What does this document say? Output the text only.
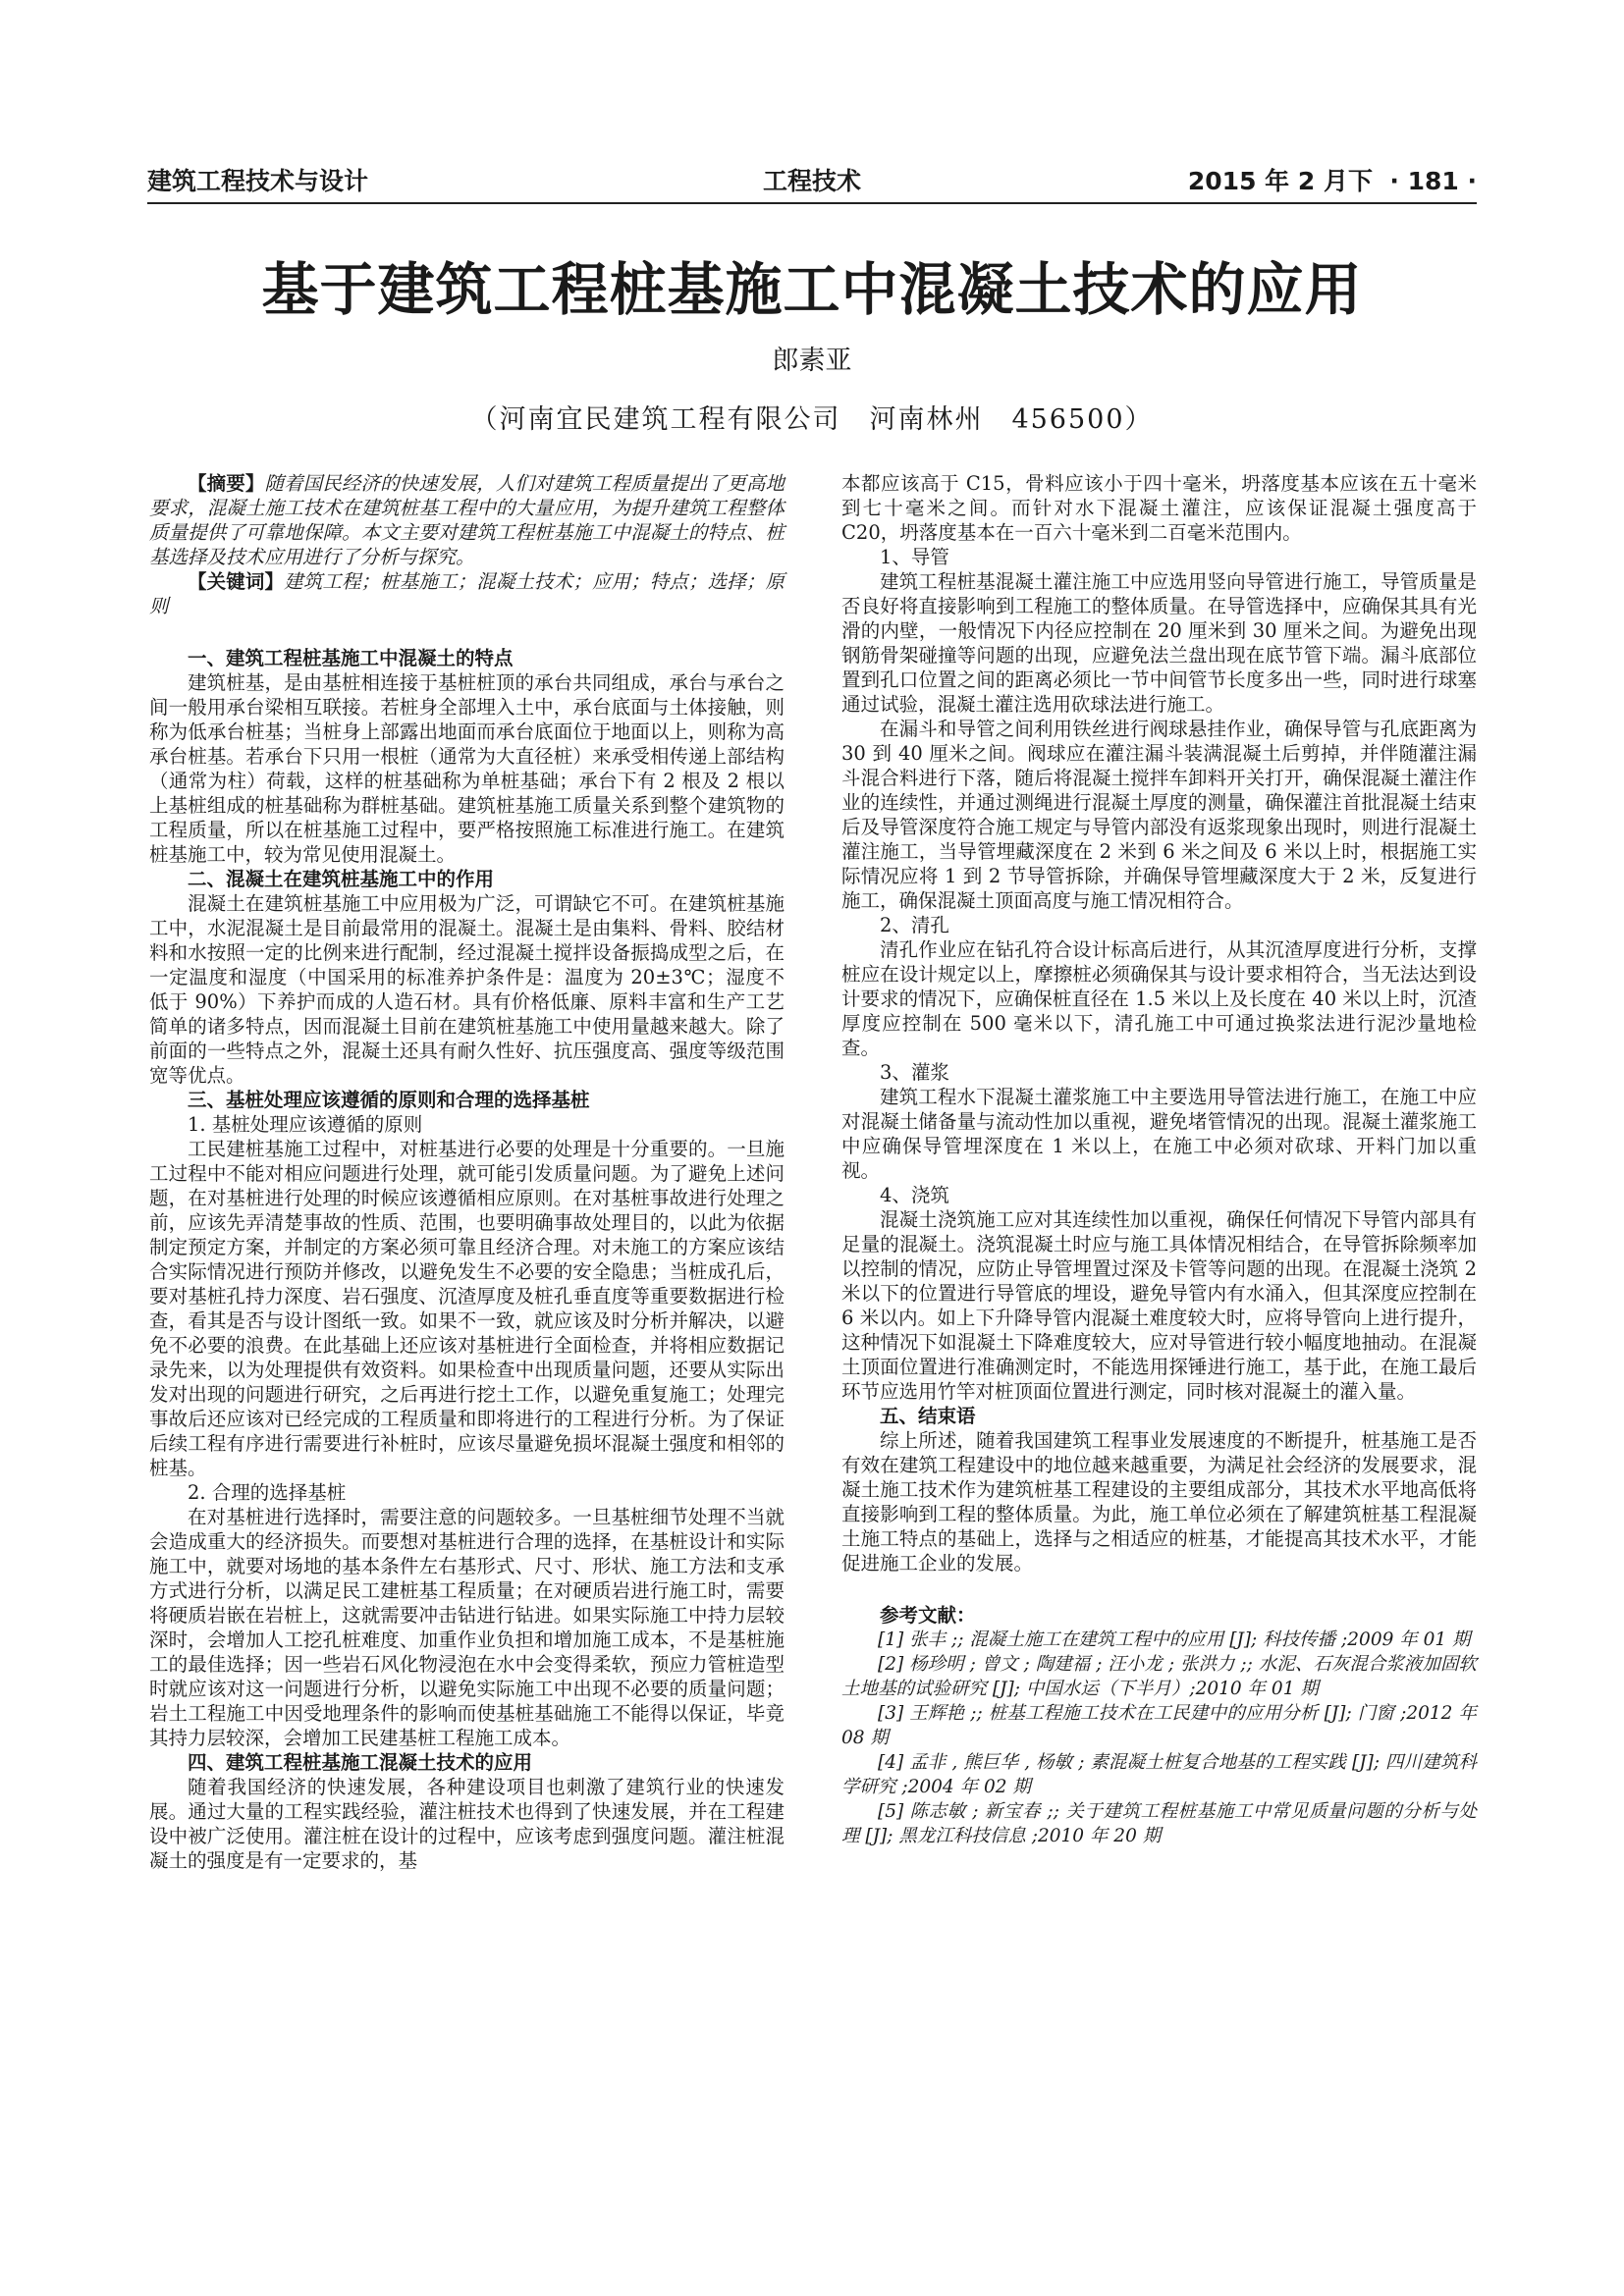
建筑工程技术与设计	工程技术	2015 年 2 月下 · 181 ·
基于建筑工程桩基施工中混凝土技术的应用
郎素亚
（河南宜民建筑工程有限公司　河南林州　456500）

【摘要】随着国民经济的快速发展，人们对建筑工程质量提出了更高地要求，混凝土施工技术在建筑桩基工程中的大量应用，为提升建筑工程整体质量提供了可靠地保障。本文主要对建筑工程桩基施工中混凝土的特点、桩基选择及技术应用进行了分析与探究。

【关键词】建筑工程；桩基施工；混凝土技术；应用；特点；选择；原则

一、建筑工程桩基施工中混凝土的特点

建筑桩基，是由基桩相连接于基桩桩顶的承台共同组成，承台与承台之间一般用承台梁相互联接。若桩身全部埋入土中，承台底面与土体接触，则称为低承台桩基；当桩身上部露出地面而承台底面位于地面以上，则称为高承台桩基。若承台下只用一根桩（通常为大直径桩）来承受相传递上部结构（通常为柱）荷载，这样的桩基础称为单桩基础；承台下有 2 根及 2 根以上基桩组成的桩基础称为群桩基础。建筑桩基施工质量关系到整个建筑物的工程质量，所以在桩基施工过程中，要严格按照施工标准进行施工。在建筑桩基施工中，较为常见使用混凝土。

二、混凝土在建筑桩基施工中的作用

混凝土在建筑桩基施工中应用极为广泛，可谓缺它不可。在建筑桩基施工中，水泥混凝土是目前最常用的混凝土。混凝土是由集料、骨料、胶结材料和水按照一定的比例来进行配制，经过混凝土搅拌设备振捣成型之后，在一定温度和湿度（中国采用的标准养护条件是：温度为 20±3℃；湿度不低于 90%）下养护而成的人造石材。具有价格低廉、原料丰富和生产工艺简单的诸多特点，因而混凝土目前在建筑桩基施工中使用量越来越大。除了前面的一些特点之外，混凝土还具有耐久性好、抗压强度高、强度等级范围宽等优点。

三、基桩处理应该遵循的原则和合理的选择基桩
1. 基桩处理应该遵循的原则

工民建桩基施工过程中，对桩基进行必要的处理是十分重要的。一旦施工过程中不能对相应问题进行处理，就可能引发质量问题。为了避免上述问题，在对基桩进行处理的时候应该遵循相应原则。在对基桩事故进行处理之前，应该先弄清楚事故的性质、范围，也要明确事故处理目的，以此为依据制定预定方案，并制定的方案必须可靠且经济合理。对未施工的方案应该结合实际情况进行预防并修改，以避免发生不必要的安全隐患；当桩成孔后，要对基桩孔持力深度、岩石强度、沉渣厚度及桩孔垂直度等重要数据进行检查，看其是否与设计图纸一致。如果不一致，就应该及时分析并解决，以避免不必要的浪费。在此基础上还应该对基桩进行全面检查，并将相应数据记录先来，以为处理提供有效资料。如果检查中出现质量问题，还要从实际出发对出现的问题进行研究，之后再进行挖土工作，以避免重复施工；处理完事故后还应该对已经完成的工程质量和即将进行的工程进行分析。为了保证后续工程有序进行需要进行补桩时，应该尽量避免损坏混凝土强度和相邻的桩基。

2. 合理的选择基桩

在对基桩进行选择时，需要注意的问题较多。一旦基桩细节处理不当就会造成重大的经济损失。而要想对基桩进行合理的选择，在基桩设计和实际施工中，就要对场地的基本条件左右基形式、尺寸、形状、施工方法和支承方式进行分析，以满足民工建桩基工程质量；在对硬质岩进行施工时，需要将硬质岩嵌在岩桩上，这就需要冲击钻进行钻进。如果实际施工中持力层较深时，会增加人工挖孔桩难度、加重作业负担和增加施工成本，不是基桩施工的最佳选择；因一些岩石风化物浸泡在水中会变得柔软，预应力管桩造型时就应该对这一问题进行分析，以避免实际施工中出现不必要的质量问题；岩土工程施工中因受地理条件的影响而使基桩基础施工不能得以保证，毕竟其持力层较深，会增加工民建基桩工程施工成本。

四、建筑工程桩基施工混凝土技术的应用

随着我国经济的快速发展，各种建设项目也刺激了建筑行业的快速发展。通过大量的工程实践经验，灌注桩技术也得到了快速发展，并在工程建设中被广泛使用。灌注桩在设计的过程中，应该考虑到强度问题。灌注桩混凝土的强度是有一定要求的，基

本都应该高于 C15，骨料应该小于四十毫米，坍落度基本应该在五十毫米到七十毫米之间。而针对水下混凝土灌注，应该保证混凝土强度高于 C20，坍落度基本在一百六十毫米到二百毫米范围内。

1、导管

建筑工程桩基混凝土灌注施工中应选用竖向导管进行施工，导管质量是否良好将直接影响到工程施工的整体质量。在导管选择中，应确保其具有光滑的内壁，一般情况下内径应控制在 20 厘米到 30 厘米之间。为避免出现钢筋骨架碰撞等问题的出现，应避免法兰盘出现在底节管下端。漏斗底部位置到孔口位置之间的距离必须比一节中间管节长度多出一些，同时进行球塞通过试验，混凝土灌注选用砍球法进行施工。

在漏斗和导管之间利用铁丝进行阀球悬挂作业，确保导管与孔底距离为 30 到 40 厘米之间。阀球应在灌注漏斗装满混凝土后剪掉，并伴随灌注漏斗混合料进行下落，随后将混凝土搅拌车卸料开关打开，确保混凝土灌注作业的连续性，并通过测绳进行混凝土厚度的测量，确保灌注首批混凝土结束后及导管深度符合施工规定与导管内部没有返浆现象出现时，则进行混凝土灌注施工，当导管埋藏深度在 2 米到 6 米之间及 6 米以上时，根据施工实际情况应将 1 到 2 节导管拆除，并确保导管埋藏深度大于 2 米，反复进行施工，确保混凝土顶面高度与施工情况相符合。

2、清孔

清孔作业应在钻孔符合设计标高后进行，从其沉渣厚度进行分析，支撑桩应在设计规定以上，摩擦桩必须确保其与设计要求相符合，当无法达到设计要求的情况下，应确保桩直径在 1.5 米以上及长度在 40 米以上时，沉渣厚度应控制在 500 毫米以下，清孔施工中可通过换浆法进行泥沙量地检查。

3、灌浆

建筑工程水下混凝土灌浆施工中主要选用导管法进行施工，在施工中应对混凝土储备量与流动性加以重视，避免堵管情况的出现。混凝土灌浆施工中应确保导管埋深度在 1 米以上，在施工中必须对砍球、开料门加以重视。

4、浇筑

混凝土浇筑施工应对其连续性加以重视，确保任何情况下导管内部具有足量的混凝土。浇筑混凝土时应与施工具体情况相结合，在导管拆除频率加以控制的情况，应防止导管埋置过深及卡管等问题的出现。在混凝土浇筑 2 米以下的位置进行导管底的埋设，避免导管内有水涌入，但其深度应控制在 6 米以内。如上下升降导管内混凝土难度较大时，应将导管向上进行提升，这种情况下如混凝土下降难度较大，应对导管进行较小幅度地抽动。在混凝土顶面位置进行准确测定时，不能选用探锤进行施工，基于此，在施工最后环节应选用竹竿对桩顶面位置进行测定，同时核对混凝土的灌入量。

五、结束语

综上所述，随着我国建筑工程事业发展速度的不断提升，桩基施工是否有效在建筑工程建设中的地位越来越重要，为满足社会经济的发展要求，混凝土施工技术作为建筑桩基工程建设的主要组成部分，其技术水平地高低将直接影响到工程的整体质量。为此，施工单位必须在了解建筑桩基工程混凝土施工特点的基础上，选择与之相适应的桩基，才能提高其技术水平，才能促进施工企业的发展。

参考文献：

[1] 张丰 ;; 混凝土施工在建筑工程中的应用 [J]; 科技传播 ;2009 年 01 期

[2] 杨珍明 ; 曾文 ; 陶建福 ; 汪小龙 ; 张洪力 ;; 水泥、石灰混合浆液加固软土地基的试验研究 [J]; 中国水运（下半月）;2010 年 01 期

[3] 王辉艳 ;; 桩基工程施工技术在工民建中的应用分析 [J]; 门窗 ;2012 年 08 期

[4] 孟非 , 熊巨华 , 杨敏 ; 素混凝土桩复合地基的工程实践 [J]; 四川建筑科学研究 ;2004 年 02 期

[5] 陈志敏 ; 新宝春 ;; 关于建筑工程桩基施工中常见质量问题的分析与处理 [J]; 黑龙江科技信息 ;2010 年 20 期
